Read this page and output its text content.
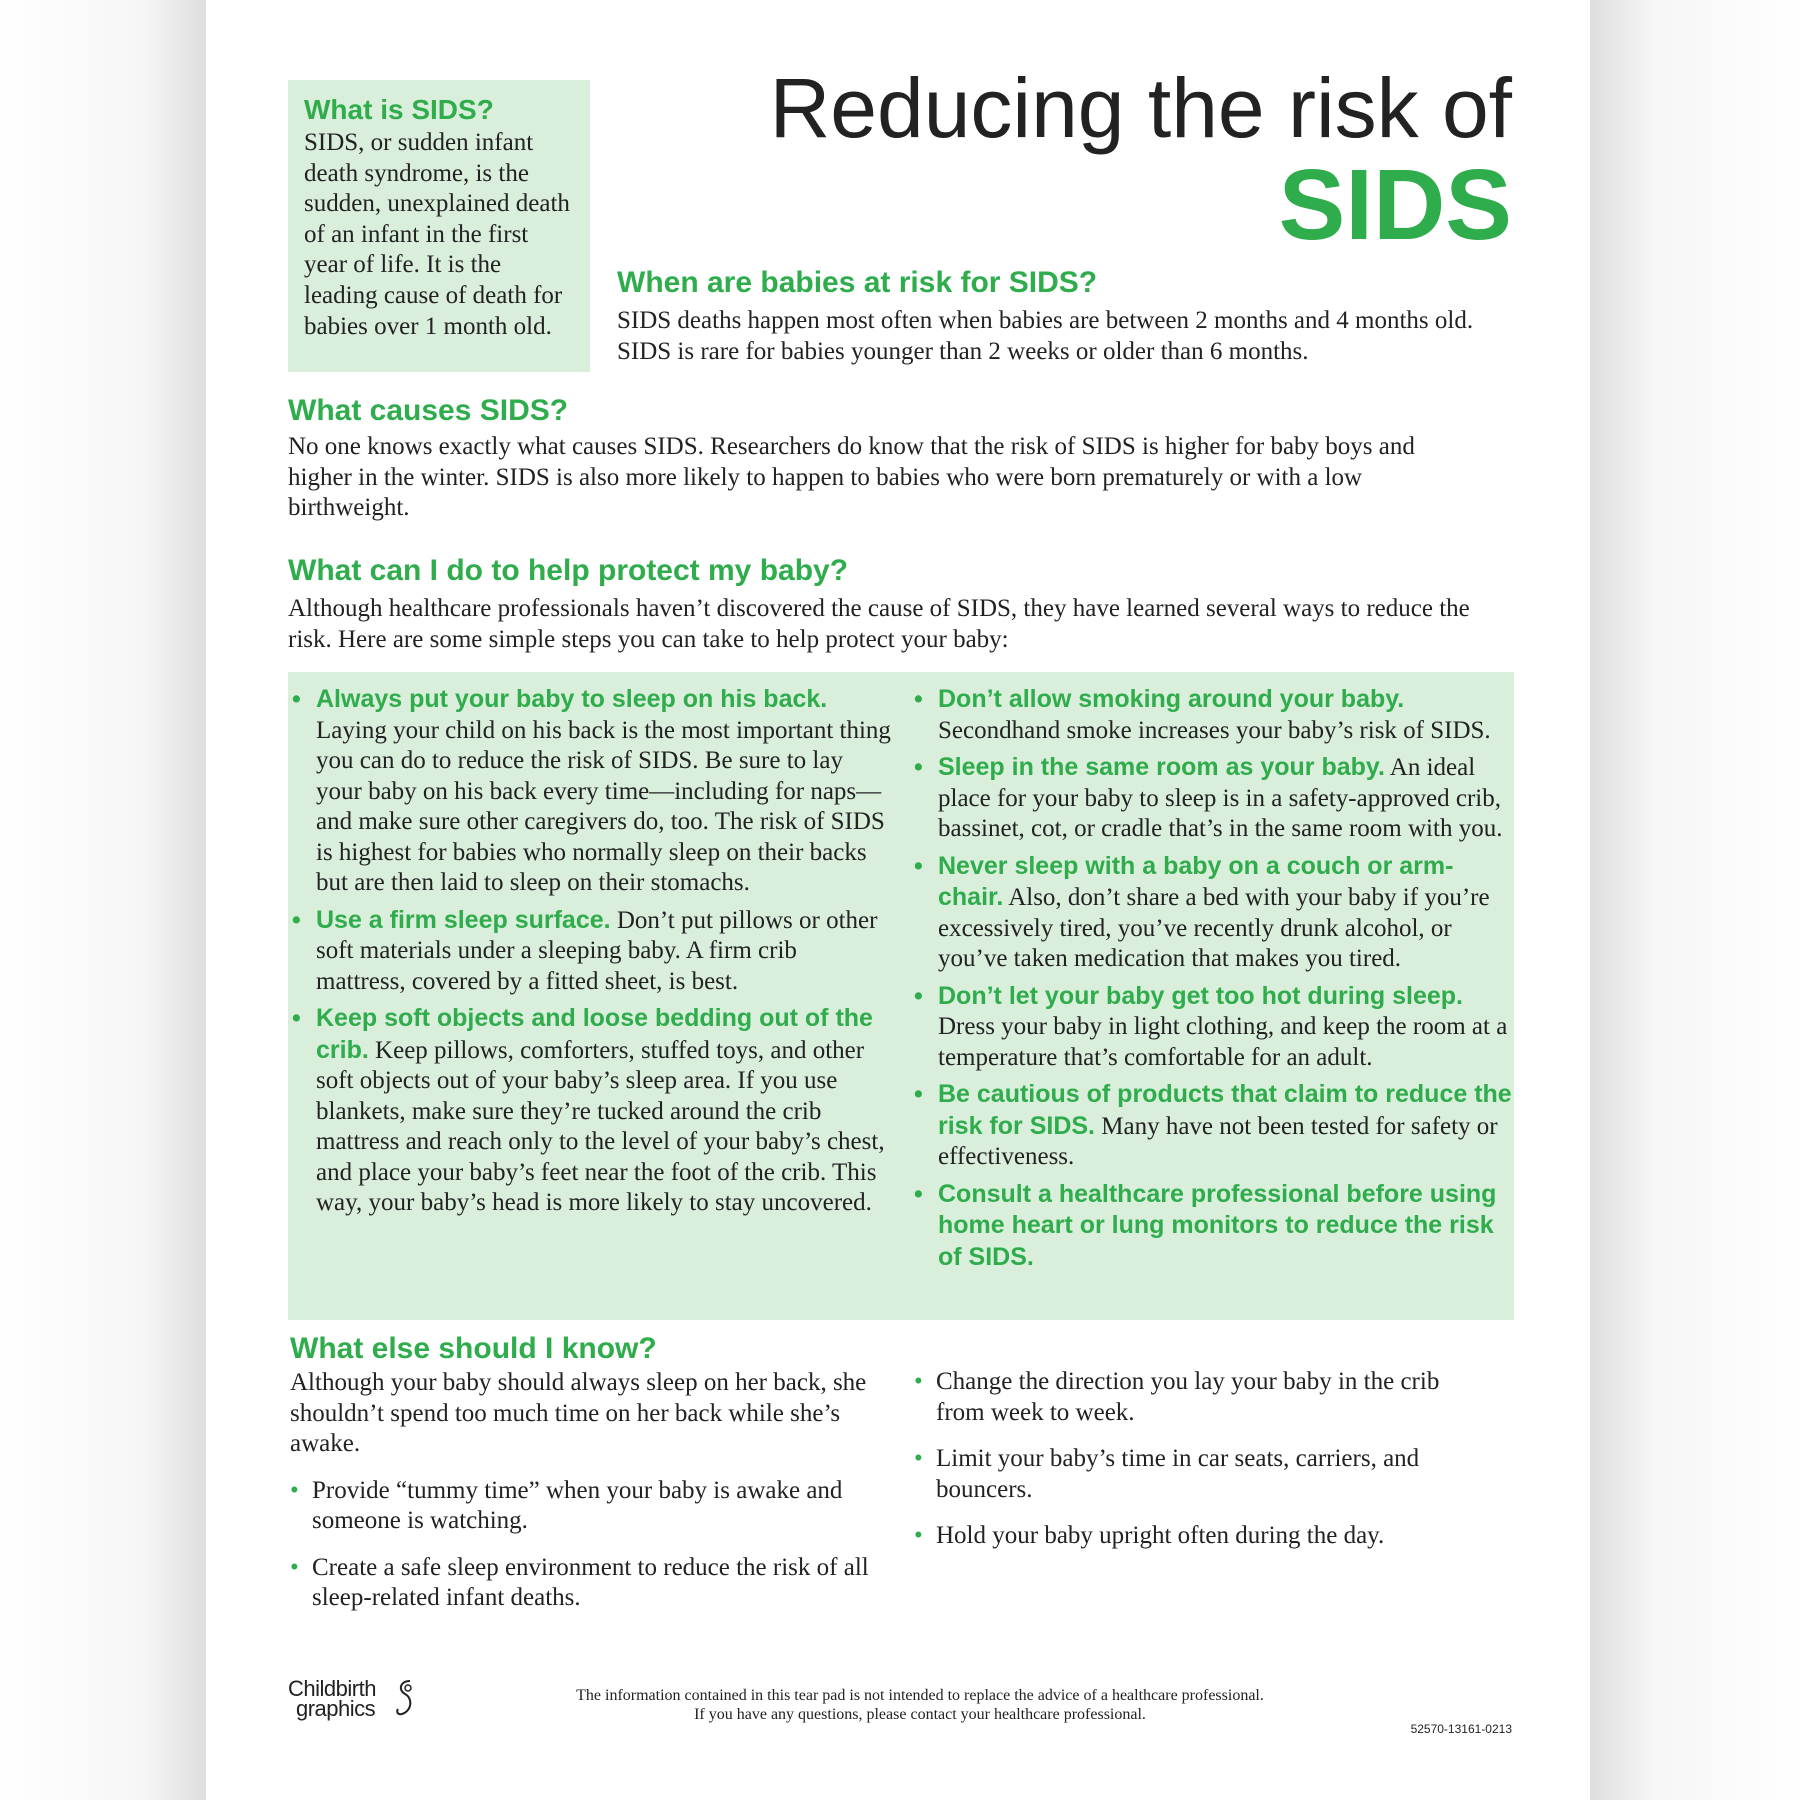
What is SIDS?

SIDS, or sudden infant death syndrome, is the sudden, unexplained death of an infant in the first year of life. It is the leading cause of death for babies over 1 month old.

Reducing the risk of
SIDS
When are babies at risk for SIDS?

SIDS deaths happen most often when babies are between 2 months and 4 months old. SIDS is rare for babies younger than 2 weeks or older than 6 months.

What causes SIDS?

No one knows exactly what causes SIDS. Researchers do know that the risk of SIDS is higher for baby boys and higher in the winter. SIDS is also more likely to happen to babies who were born prematurely or with a low birthweight.

What can I do to help protect my baby?

Although healthcare professionals haven’t discovered the cause of SIDS, they have learned several ways to reduce the risk. Here are some simple steps you can take to help protect your baby:

• Always put your baby to sleep on his back. Laying your child on his back is the most important thing you can do to reduce the risk of SIDS. Be sure to lay your baby on his back every time—including for naps—and make sure other caregivers do, too. The risk of SIDS is highest for babies who normally sleep on their backs but are then laid to sleep on their stomachs.
• Use a firm sleep surface. Don’t put pillows or other soft materials under a sleeping baby. A firm crib mattress, covered by a fitted sheet, is best.
• Keep soft objects and loose bedding out of the crib. Keep pillows, comforters, stuffed toys, and other soft objects out of your baby’s sleep area. If you use blankets, make sure they’re tucked around the crib mattress and reach only to the level of your baby’s chest, and place your baby’s feet near the foot of the crib. This way, your baby’s head is more likely to stay uncovered.
• Don’t allow smoking around your baby. Secondhand smoke increases your baby’s risk of SIDS.
• Sleep in the same room as your baby. An ideal place for your baby to sleep is in a safety-approved crib, bassinet, cot, or cradle that’s in the same room with you.
• Never sleep with a baby on a couch or arm-chair. Also, don’t share a bed with your baby if you’re excessively tired, you’ve recently drunk alcohol, or you’ve taken medication that makes you tired.
• Don’t let your baby get too hot during sleep. Dress your baby in light clothing, and keep the room at a temperature that’s comfortable for an adult.
• Be cautious of products that claim to reduce the risk for SIDS. Many have not been tested for safety or effectiveness.
• Consult a healthcare professional before using home heart or lung monitors to reduce the risk of SIDS.
What else should I know?

Although your baby should always sleep on her back, she shouldn’t spend too much time on her back while she’s awake.

• Provide “tummy time” when your baby is awake and someone is watching.
• Create a safe sleep environment to reduce the risk of all sleep-related infant deaths.
• Change the direction you lay your baby in the crib from week to week.
• Limit your baby’s time in car seats, carriers, and bouncers.
• Hold your baby upright often during the day.
Childbirth
graphics
The information contained in this tear pad is not intended to replace the advice of a healthcare professional.
If you have any questions, please contact your healthcare professional.
52570-13161-0213
